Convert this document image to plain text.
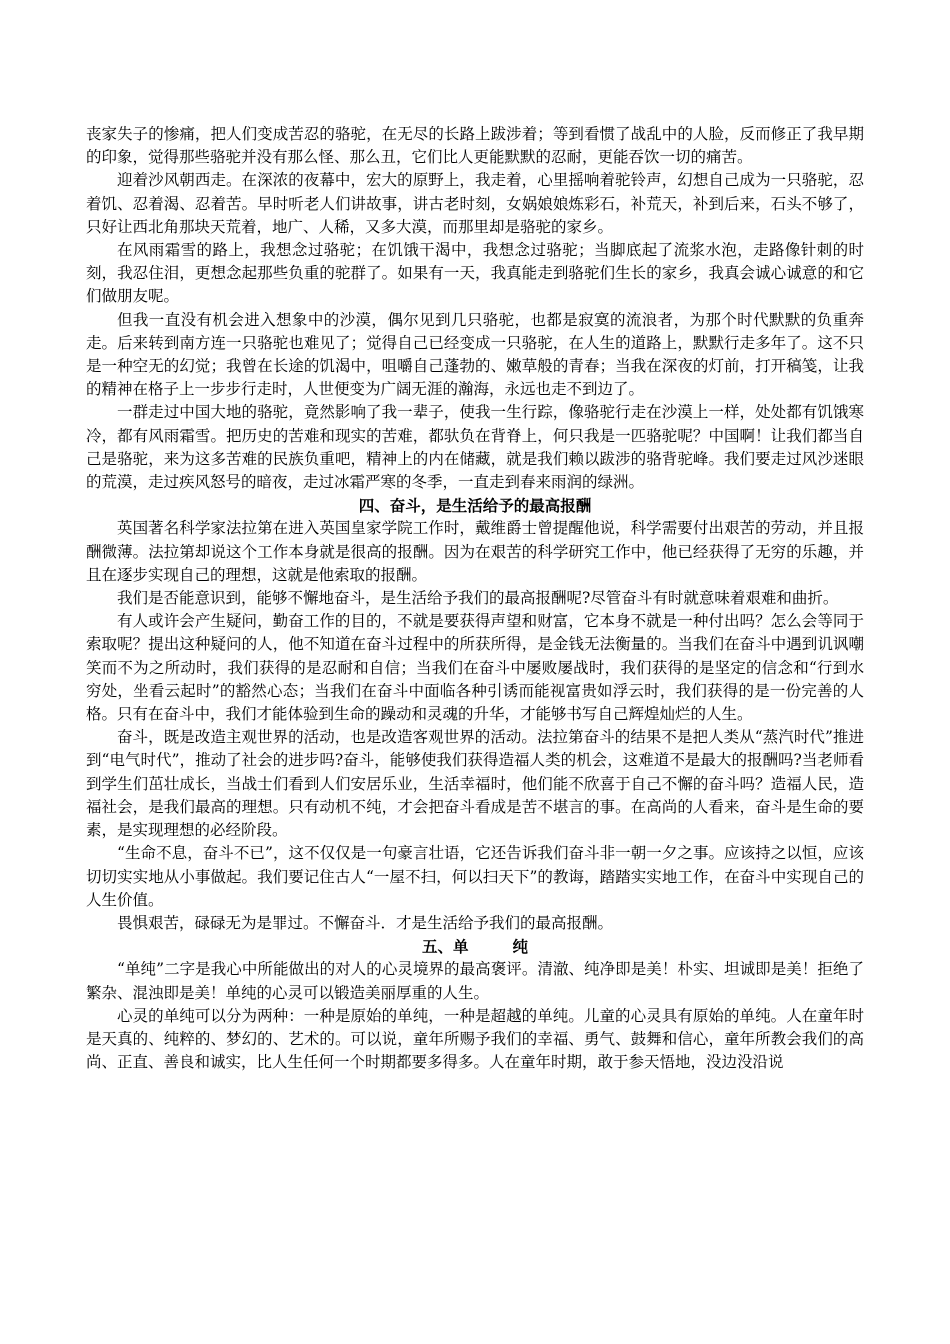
丧家失子的惨痛，把人们变成苦忍的骆驼，在无尽的长路上跋涉着；等到看惯了战乱中的人脸，反而修正了我早期的印象，觉得那些骆驼并没有那么怪、那么丑，它们比人更能默默的忍耐，更能吞饮一切的痛苦。

迎着沙风朝西走。在深浓的夜幕中，宏大的原野上，我走着，心里摇响着驼铃声，幻想自己成为一只骆驼，忍着饥、忍着渴、忍着苦。早时听老人们讲故事，讲古老时刻，女娲娘娘炼彩石，补荒天，补到后来，石头不够了，只好让西北角那块天荒着，地广、人稀，又多大漠，而那里却是骆驼的家乡。

在风雨霜雪的路上，我想念过骆驼；在饥饿干渴中，我想念过骆驼；当脚底起了流浆水泡，走路像针刺的时刻，我忍住泪，更想念起那些负重的驼群了。如果有一天，我真能走到骆驼们生长的家乡，我真会诚心诚意的和它们做朋友呢。

但我一直没有机会进入想象中的沙漠，偶尔见到几只骆驼，也都是寂寞的流浪者，为那个时代默默的负重奔走。后来转到南方连一只骆驼也难见了；觉得自己已经变成一只骆驼，在人生的道路上，默默行走多年了。这不只是一种空无的幻觉；我曾在长途的饥渴中，咀嚼自己蓬勃的、嫩草般的青春；当我在深夜的灯前，打开稿笺，让我的精神在格子上一步步行走时，人世便变为广阔无涯的瀚海，永远也走不到边了。

一群走过中国大地的骆驼，竟然影响了我一辈子，使我一生行踪，像骆驼行走在沙漠上一样，处处都有饥饿寒冷，都有风雨霜雪。把历史的苦难和现实的苦难，都驮负在背脊上，何只我是一匹骆驼呢？中国啊！让我们都当自己是骆驼，来为这多苦难的民族负重吧，精神上的内在储藏，就是我们赖以跋涉的骆背驼峰。我们要走过风沙迷眼的荒漠，走过疾风怒号的暗夜，走过冰霜严寒的冬季，一直走到春来雨润的绿洲。

四、奋斗，是生活给予的最高报酬

英国著名科学家法拉第在进入英国皇家学院工作时，戴维爵士曾提醒他说，科学需要付出艰苦的劳动，并且报酬微薄。法拉第却说这个工作本身就是很高的报酬。因为在艰苦的科学研究工作中，他已经获得了无穷的乐趣，并且在逐步实现自己的理想，这就是他索取的报酬。

我们是否能意识到，能够不懈地奋斗，是生活给予我们的最高报酬呢?尽管奋斗有时就意味着艰难和曲折。

有人或许会产生疑问，勤奋工作的目的，不就是要获得声望和财富，它本身不就是一种付出吗？怎么会等同于索取呢？提出这种疑问的人，他不知道在奋斗过程中的所获所得，是金钱无法衡量的。当我们在奋斗中遇到讥讽嘲笑而不为之所动时，我们获得的是忍耐和自信；当我们在奋斗中屡败屡战时，我们获得的是坚定的信念和“行到水穷处，坐看云起时”的豁然心态；当我们在奋斗中面临各种引诱而能视富贵如浮云时，我们获得的是一份完善的人格。只有在奋斗中，我们才能体验到生命的躁动和灵魂的升华，才能够书写自己辉煌灿烂的人生。

奋斗，既是改造主观世界的活动，也是改造客观世界的活动。法拉第奋斗的结果不是把人类从“蒸汽时代”推进到“电气时代”，推动了社会的进步吗?奋斗，能够使我们获得造福人类的机会，这难道不是最大的报酬吗?当老师看到学生们茁壮成长，当战士们看到人们安居乐业，生活幸福时，他们能不欣喜于自己不懈的奋斗吗？造福人民，造福社会，是我们最高的理想。只有动机不纯，才会把奋斗看成是苦不堪言的事。在高尚的人看来，奋斗是生命的要素，是实现理想的必经阶段。

“生命不息，奋斗不已”，这不仅仅是一句豪言壮语，它还告诉我们奋斗非一朝一夕之事。应该持之以恒，应该切切实实地从小事做起。我们要记住古人“一屋不扫，何以扫天下”的教诲，踏踏实实地工作，在奋斗中实现自己的人生价值。

畏惧艰苦，碌碌无为是罪过。不懈奋斗．才是生活给予我们的最高报酬。

五、单	纯

“单纯”二字是我心中所能做出的对人的心灵境界的最高褒评。清澈、纯净即是美！朴实、坦诚即是美！拒绝了繁杂、混浊即是美！单纯的心灵可以锻造美丽厚重的人生。

心灵的单纯可以分为两种：一种是原始的单纯，一种是超越的单纯。儿童的心灵具有原始的单纯。人在童年时是天真的、纯粹的、梦幻的、艺术的。可以说，童年所赐予我们的幸福、勇气、鼓舞和信心，童年所教会我们的高尚、正直、善良和诚实，比人生任何一个时期都要多得多。人在童年时期，敢于参天悟地，没边没沿说
